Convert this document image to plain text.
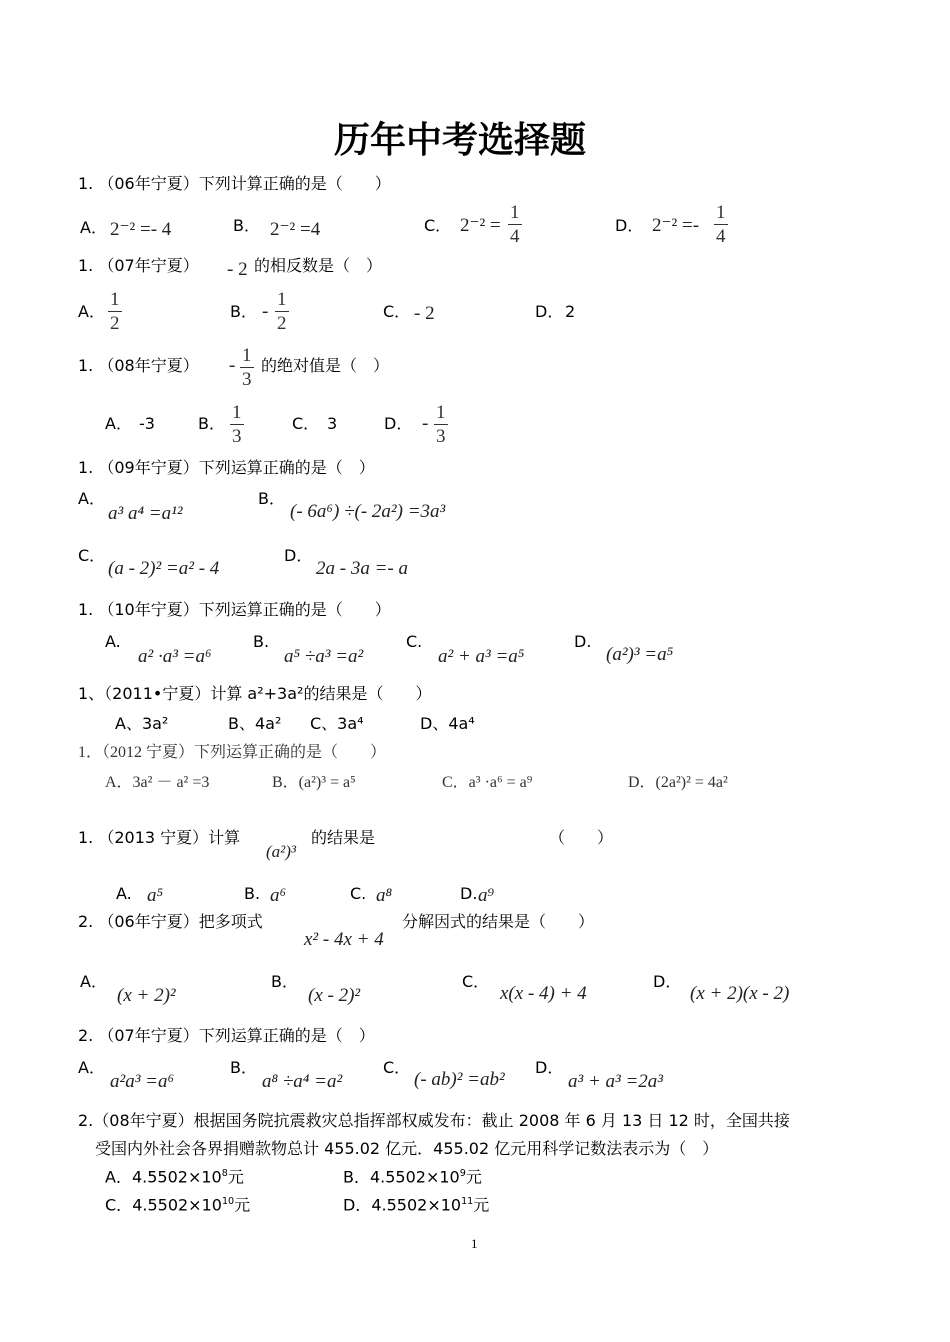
历年中考选择题
1. （06年宁夏）下列计算正确的是（　　）
A． 2⁻² =- 4	B． 2⁻² =4	C． 2⁻² =
1
4
D． 2⁻² =-
1
4
1. （07年宁夏） - 2 的相反数是（　）
A．
1
2
B． -
1
2
C． - 2	D． 2
1. （08年宁夏） - 1
3
的绝对值是（　）
A． -3	B．
1
3
C． 3	D． -
1
3
1. （09年宁夏）下列运算正确的是（　）
A．
a³ a⁴ =a¹²
B．
(- 6a⁶) ÷(- 2a²) =3a³
C．
(a - 2)² =a² - 4
D．
2a - 3a =- a
1. （10年宁夏）下列运算正确的是（　　）
A.
a² ·a³ =a⁶
B.
a⁵ ÷a³ =a²
C.
a² + a³ =a⁵
D.
(a²)³ =a⁵
1、（2011•宁夏）计算 a²+3a²的结果是（　　）
A、3a²	B、4a² C、3a⁴	D、4a⁴
1．（2012 宁夏）下列运算正确的是（　　）
A．3a² － a² =3	B．(a²)³ = a⁵	C．a³ ·a⁶ = a⁹	D．(2a²)² = 4a²
1. （2013 宁夏）计算
(a²)³
的结果是	（　　）
A. a⁵	B. a⁶	C. a⁸	D. a⁹
2. （06年宁夏）把多项式
x² - 4x + 4
分解因式的结果是（　　）
A．
(x + 2)²
B．
(x - 2)²
C．
x(x - 4) + 4
D．
(x + 2)(x - 2)
2. （07年宁夏）下列运算正确的是（　）
A．
a²a³ =a⁶
B．
a⁸ ÷a⁴ =a²
C．
(- ab)² =ab²
D．
a³ + a³ =2a³
2.（08年宁夏）根据国务院抗震救灾总指挥部权威发布：截止 2008 年 6 月 13 日 12 时，全国共接
受国内外社会各界捐赠款物总计 455.02 亿元．455.02 亿元用科学记数法表示为（　）
A．$4.5502\times 10^8$元	B．$4.5502\times 10^9$元
C．$4.5502\times 10^{10}$元	D．$4.5502\times 10^{11}$元
1
